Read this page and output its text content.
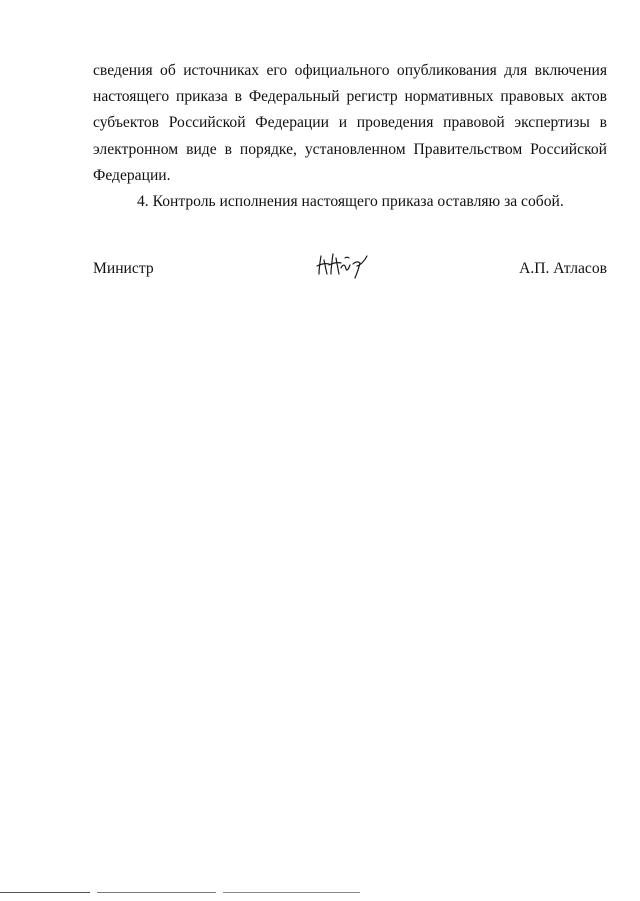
сведения об источниках его официального опубликования для включения настоящего приказа в Федеральный регистр нормативных правовых актов субъектов Российской Федерации и проведения правовой экспертизы в электронном виде в порядке, установленном Правительством Российской Федерации.

4. Контроль исполнения настоящего приказа оставляю за собой.

Министр	А.П. Атласов
